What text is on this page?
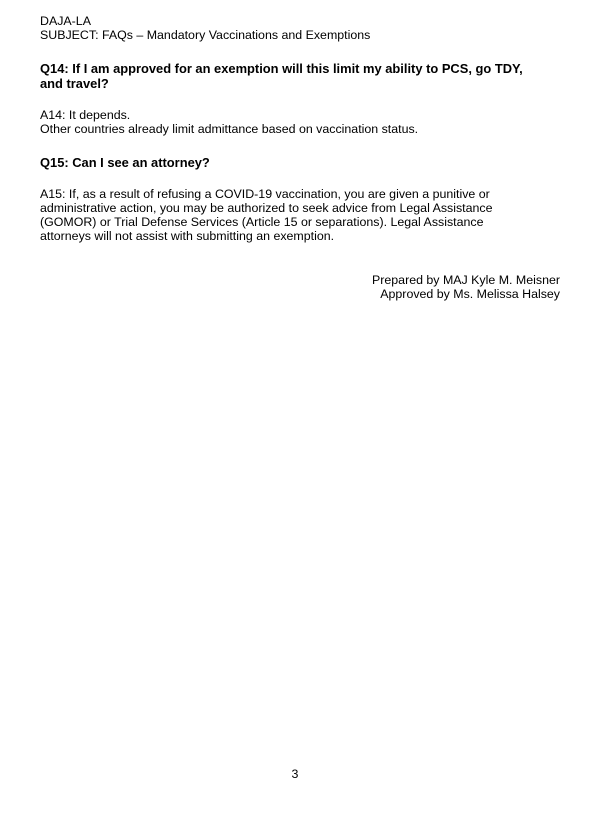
DAJA-LA
SUBJECT: FAQs – Mandatory Vaccinations and Exemptions
Q14: If I am approved for an exemption will this limit my ability to PCS, go TDY,
and travel?
A14: It depends.
Other countries already limit admittance based on vaccination status.
Q15: Can I see an attorney?
A15: If, as a result of refusing a COVID-19 vaccination, you are given a punitive or
administrative action, you may be authorized to seek advice from Legal Assistance
(GOMOR) or Trial Defense Services (Article 15 or separations). Legal Assistance
attorneys will not assist with submitting an exemption.
Prepared by MAJ Kyle M. Meisner
Approved by Ms. Melissa Halsey
3
